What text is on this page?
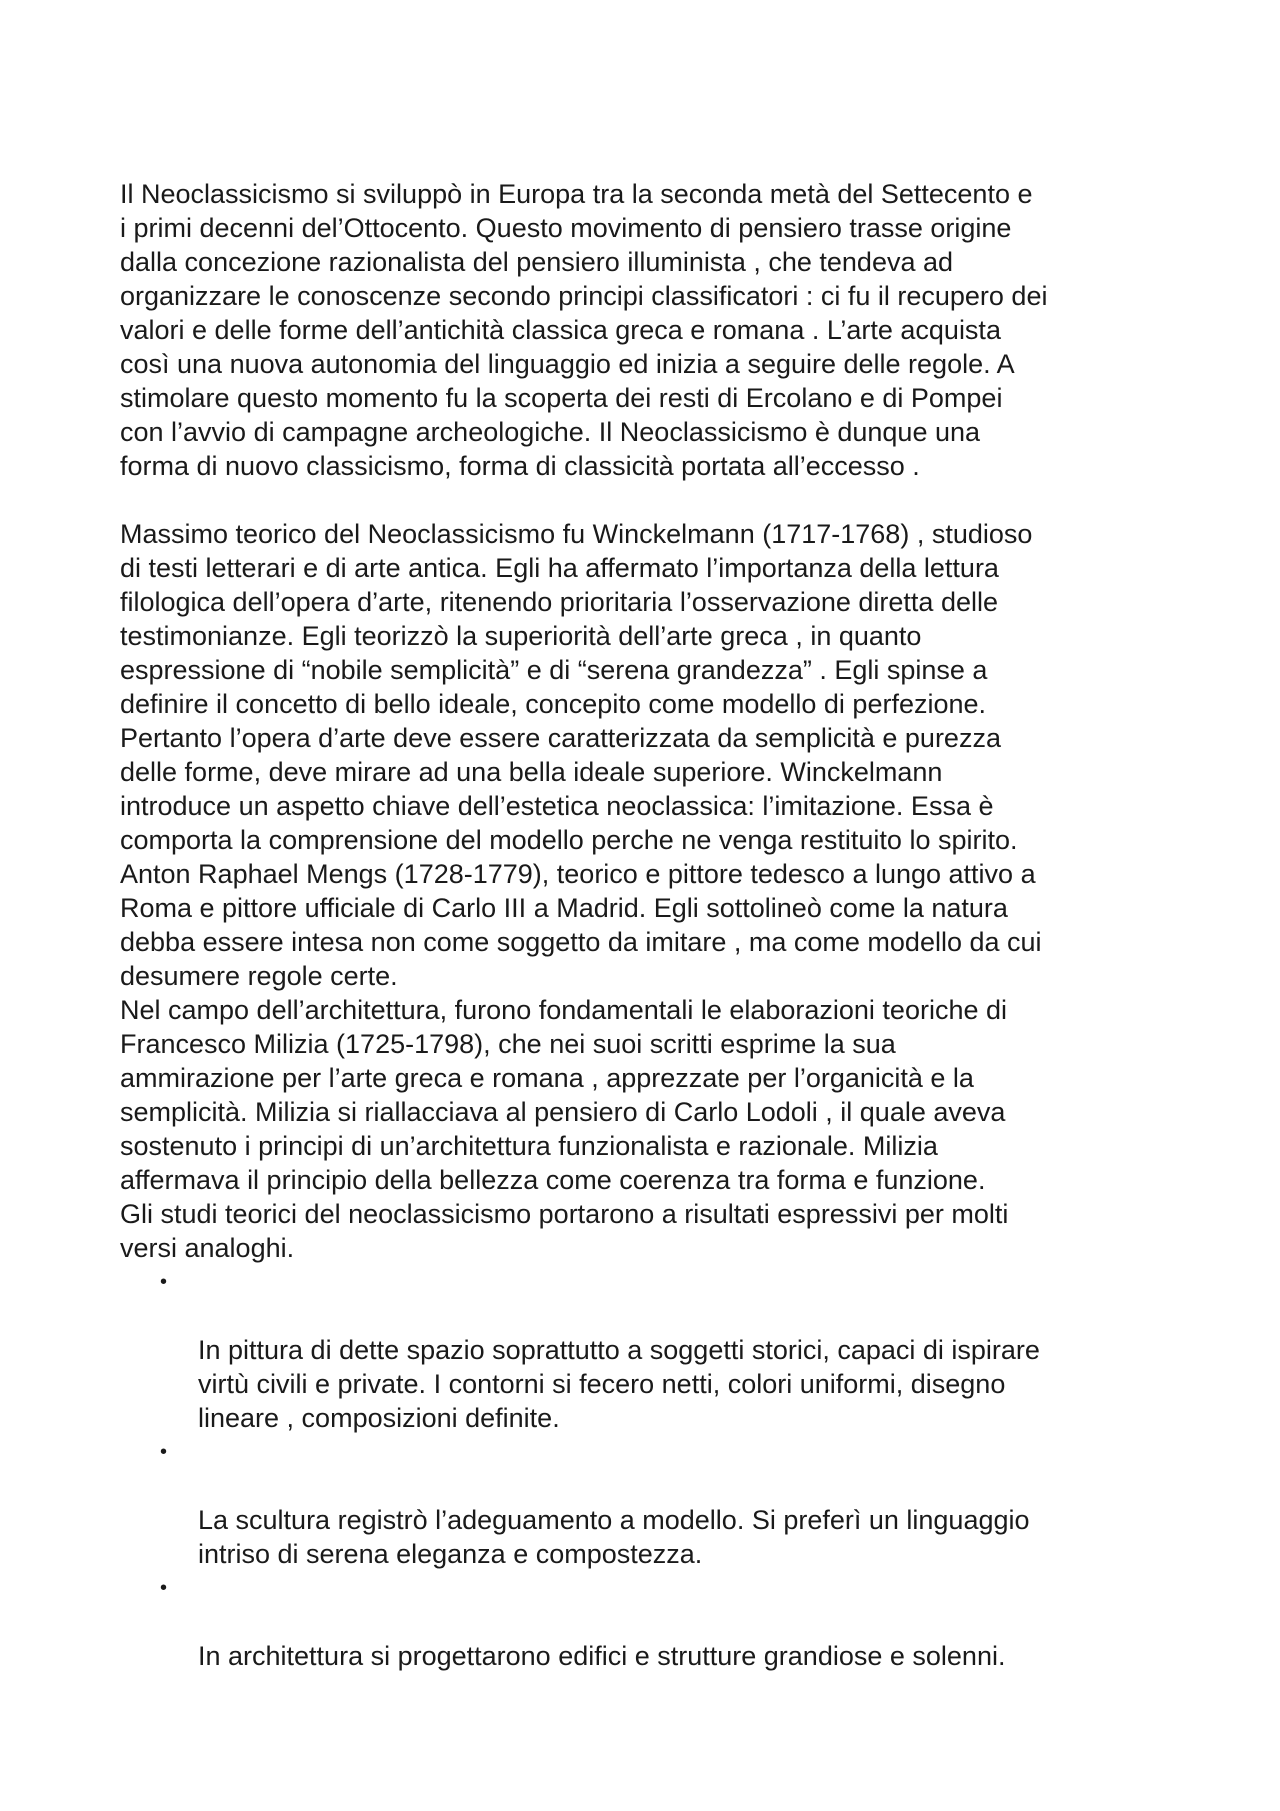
Il Neoclassicismo si sviluppò in Europa tra la seconda metà del Settecento e
i primi decenni del’Ottocento. Questo movimento di pensiero trasse origine
dalla concezione razionalista del pensiero illuminista , che tendeva ad
organizzare le conoscenze secondo principi classificatori : ci fu il recupero dei
valori e delle forme dell’antichità classica greca e romana . L’arte acquista
così una nuova autonomia del linguaggio ed inizia a seguire delle regole. A
stimolare questo momento fu la scoperta dei resti di Ercolano e di Pompei
con l’avvio di campagne archeologiche. Il Neoclassicismo è dunque una
forma di nuovo classicismo, forma di classicità portata all’eccesso .

Massimo teorico del Neoclassicismo fu Winckelmann (1717-1768) , studioso
di testi letterari e di arte antica. Egli ha affermato l’importanza della lettura
filologica dell’opera d’arte, ritenendo prioritaria l’osservazione diretta delle
testimonianze. Egli teorizzò la superiorità dell’arte greca , in quanto
espressione di “nobile semplicità” e di “serena grandezza” . Egli spinse a
definire il concetto di bello ideale, concepito come modello di perfezione.
Pertanto l’opera d’arte deve essere caratterizzata da semplicità e purezza
delle forme, deve mirare ad una bella ideale superiore. Winckelmann
introduce un aspetto chiave dell’estetica neoclassica: l’imitazione. Essa è
comporta la comprensione del modello perche ne venga restituito lo spirito.
Anton Raphael Mengs (1728-1779), teorico e pittore tedesco a lungo attivo a
Roma e pittore ufficiale di Carlo III a Madrid. Egli sottolineò come la natura
debba essere intesa non come soggetto da imitare , ma come modello da cui
desumere regole certe.

Nel campo dell’architettura, furono fondamentali le elaborazioni teoriche di
Francesco Milizia (1725-1798), che nei suoi scritti esprime la sua
ammirazione per l’arte greca e romana , apprezzate per l’organicità e la
semplicità. Milizia si riallacciava al pensiero di Carlo Lodoli , il quale aveva
sostenuto i principi di un’architettura funzionalista e razionale. Milizia
affermava il principio della bellezza come coerenza tra forma e funzione.

Gli studi teorici del neoclassicismo portarono a risultati espressivi per molti
versi analoghi.

•

In pittura di dette spazio soprattutto a soggetti storici, capaci di ispirare
virtù civili e private. I contorni si fecero netti, colori uniformi, disegno
lineare , composizioni definite.

•

La scultura registrò l’adeguamento a modello. Si preferì un linguaggio
intriso di serena eleganza e compostezza.

•

In architettura si progettarono edifici e strutture grandiose e solenni.
